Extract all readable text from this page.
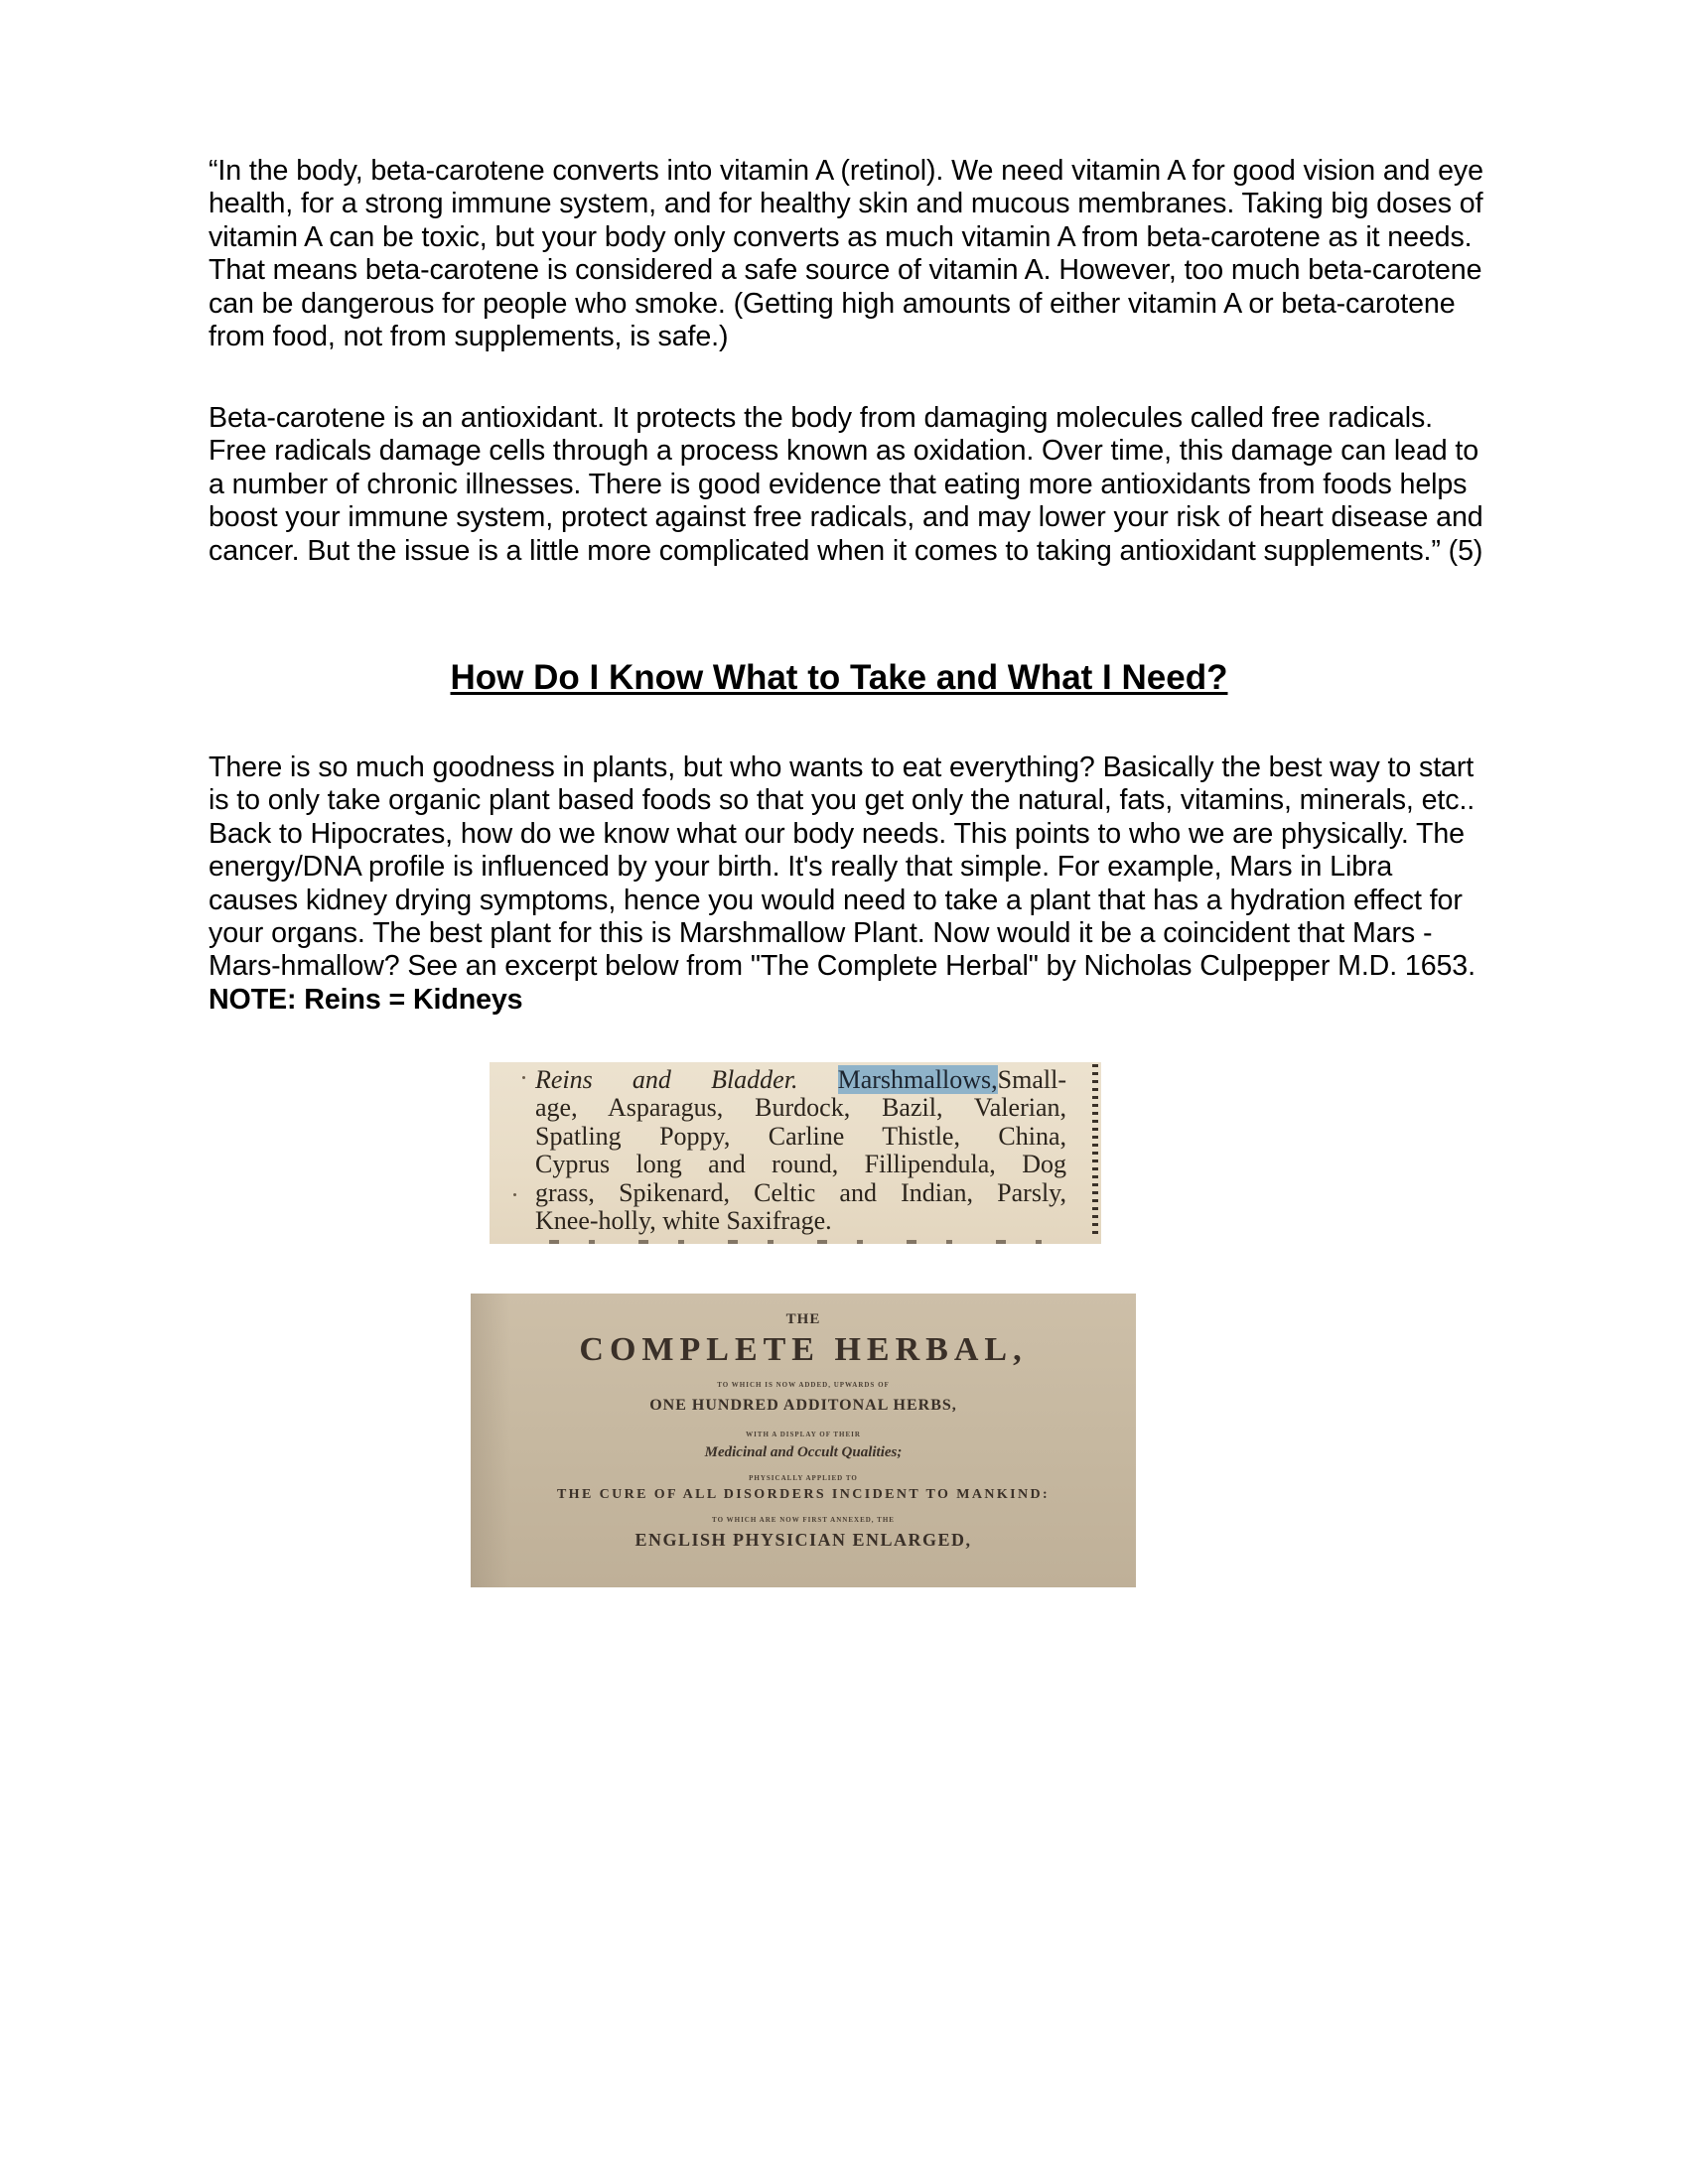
“In the body, beta-carotene converts into vitamin A (retinol). We need vitamin A for good vision and eye health, for a strong immune system, and for healthy skin and mucous membranes. Taking big doses of vitamin A can be toxic, but your body only converts as much vitamin A from beta-carotene as it needs. That means beta-carotene is considered a safe source of vitamin A. However, too much beta-carotene can be dangerous for people who smoke. (Getting high amounts of either vitamin A or beta-carotene from food, not from supplements, is safe.)

Beta-carotene is an antioxidant. It protects the body from damaging molecules called free radicals. Free radicals damage cells through a process known as oxidation. Over time, this damage can lead to a number of chronic illnesses. There is good evidence that eating more antioxidants from foods helps boost your immune system, protect against free radicals, and may lower your risk of heart disease and cancer. But the issue is a little more complicated when it comes to taking antioxidant supplements.” (5)

How Do I Know What to Take and What I Need?

There is so much goodness in plants, but who wants to eat everything? Basically the best way to start is to only take organic plant based foods so that you get only the natural, fats, vitamins, minerals, etc.. Back to Hipocrates, how do we know what our body needs. This points to who we are physically. The energy/DNA profile is influenced by your birth. It's really that simple. For example, Mars in Libra causes kidney drying symptoms, hence you would need to take a plant that has a hydration effect for your organs. The best plant for this is Marshmallow Plant. Now would it be a coincident that Mars - Mars-hmallow? See an excerpt below from "The Complete Herbal" by Nicholas Culpepper M.D. 1653. NOTE: Reins = Kidneys

Reins and Bladder. Marshmallows,Small-
age, Asparagus, Burdock, Bazil, Valerian,
Spatling Poppy, Carline Thistle, China,
Cyprus long and round, Fillipendula, Dog
grass, Spikenard, Celtic and Indian, Parsly,
Knee-holly, white Saxifrage.
THE
COMPLETE HERBAL,
TO WHICH IS NOW ADDED, UPWARDS OF
ONE HUNDRED ADDITONAL HERBS,
WITH A DISPLAY OF THEIR
Medicinal and Occult Qualities;
PHYSICALLY APPLIED TO
THE CURE OF ALL DISORDERS INCIDENT TO MANKIND:
TO WHICH ARE NOW FIRST ANNEXED, THE
ENGLISH PHYSICIAN ENLARGED,
